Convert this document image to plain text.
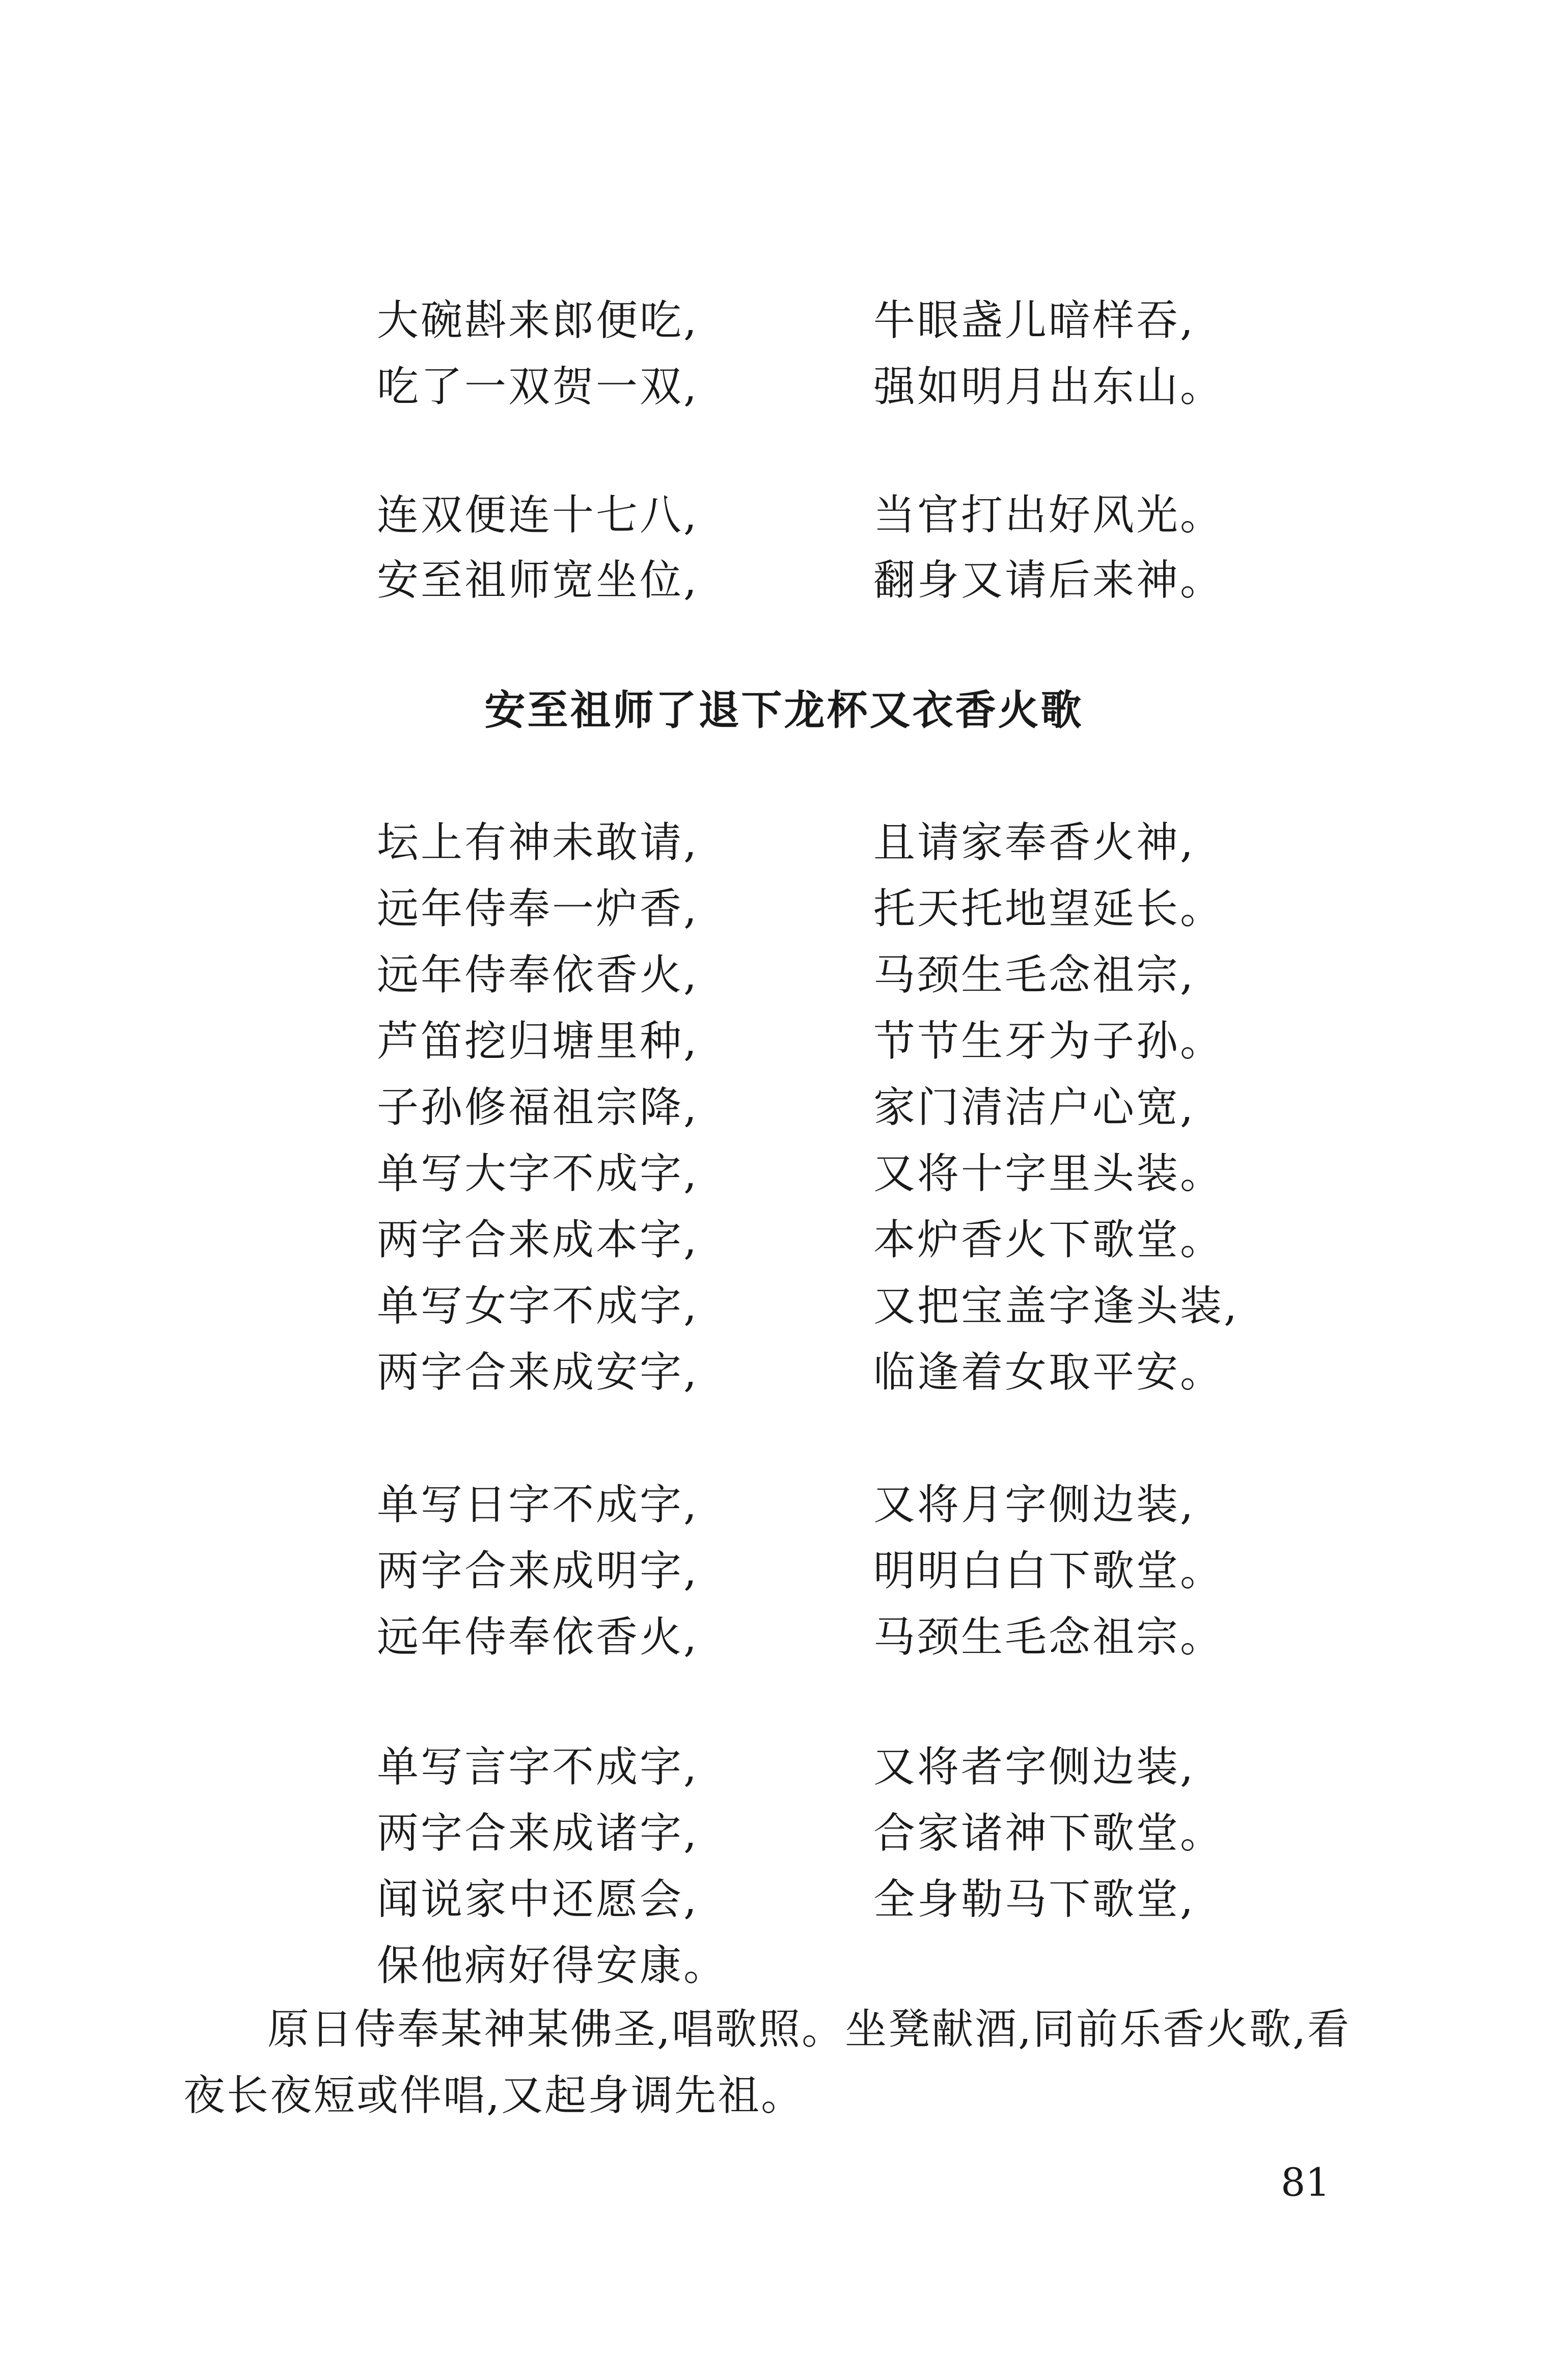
大碗斟来郎便吃,	牛眼盏儿暗样吞,
吃了一双贺一双,	强如明月出东山。
连双便连十七八,	当官打出好风光。
安至祖师宽坐位,	翻身又请后来神。
安至祖师了退下龙杯又衣香火歌
坛上有神未敢请,	且请家奉香火神,
远年侍奉一炉香,	托天托地望延长。
远年侍奉依香火,	马颈生毛念祖宗,
芦笛挖归塘里种,	节节生牙为子孙。
子孙修福祖宗降,	家门清洁户心宽,
单写大字不成字,	又将十字里头装。
两字合来成本字,	本炉香火下歌堂。
单写女字不成字,	又把宝盖字逢头装,
两字合来成安字,	临逢着女取平安。
单写日字不成字,	又将月字侧边装,
两字合来成明字,	明明白白下歌堂。
远年侍奉依香火,	马颈生毛念祖宗。
单写言字不成字,	又将者字侧边装,
两字合来成诸字,	合家诸神下歌堂。
闻说家中还愿会,	全身勒马下歌堂,
保他病好得安康。
原日侍奉某神某佛圣,唱歌照。坐凳献酒,同前乐香火歌,看
夜长夜短或伴唱,又起身调先祖。
81
